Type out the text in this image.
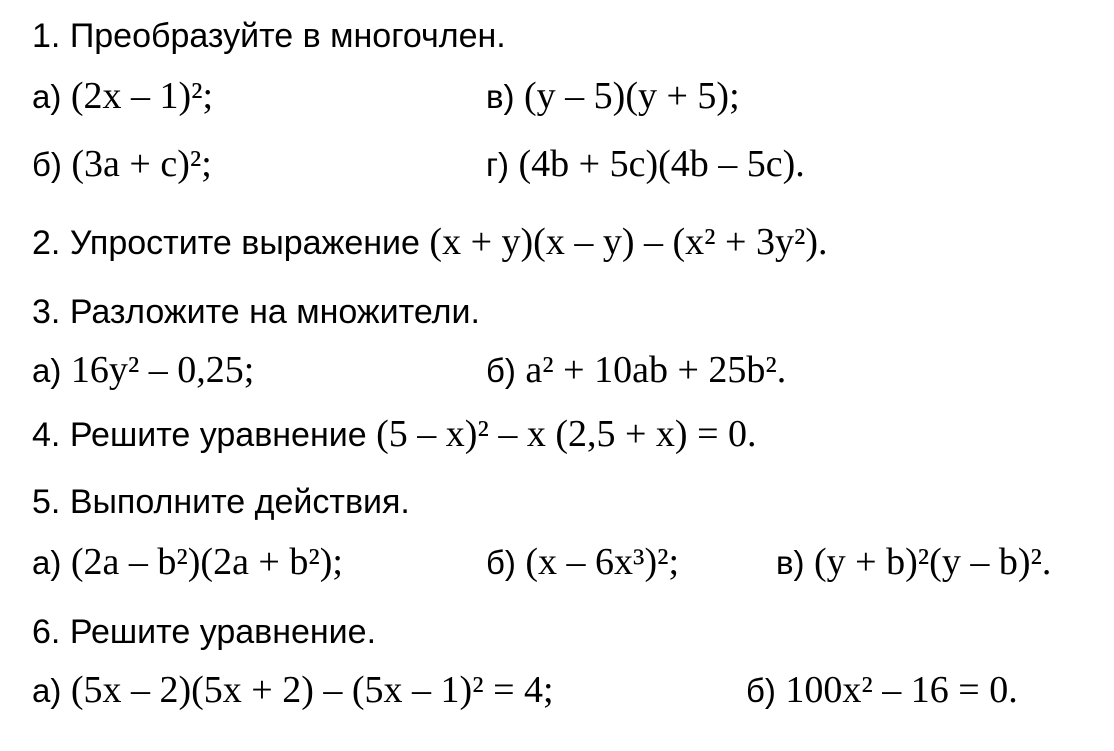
1. Преобразуйте в многочлен.
а) (2x – 1)²;	в) (y – 5)(y + 5);
б) (3a + c)²;	г) (4b + 5c)(4b – 5c).
2. Упростите выражение (x + y)(x – y) – (x² + 3y²).
3. Разложите на множители.
а) 16y² – 0,25;	б) a² + 10ab + 25b².
4. Решите уравнение (5 – x)² – x (2,5 + x) = 0.
5. Выполните действия.
а) (2a – b²)(2a + b²);	б) (x – 6x³)²;	в) (y + b)²(y – b)².
6. Решите уравнение.
а) (5x – 2)(5x + 2) – (5x – 1)² = 4;	б) 100x² – 16 = 0.
